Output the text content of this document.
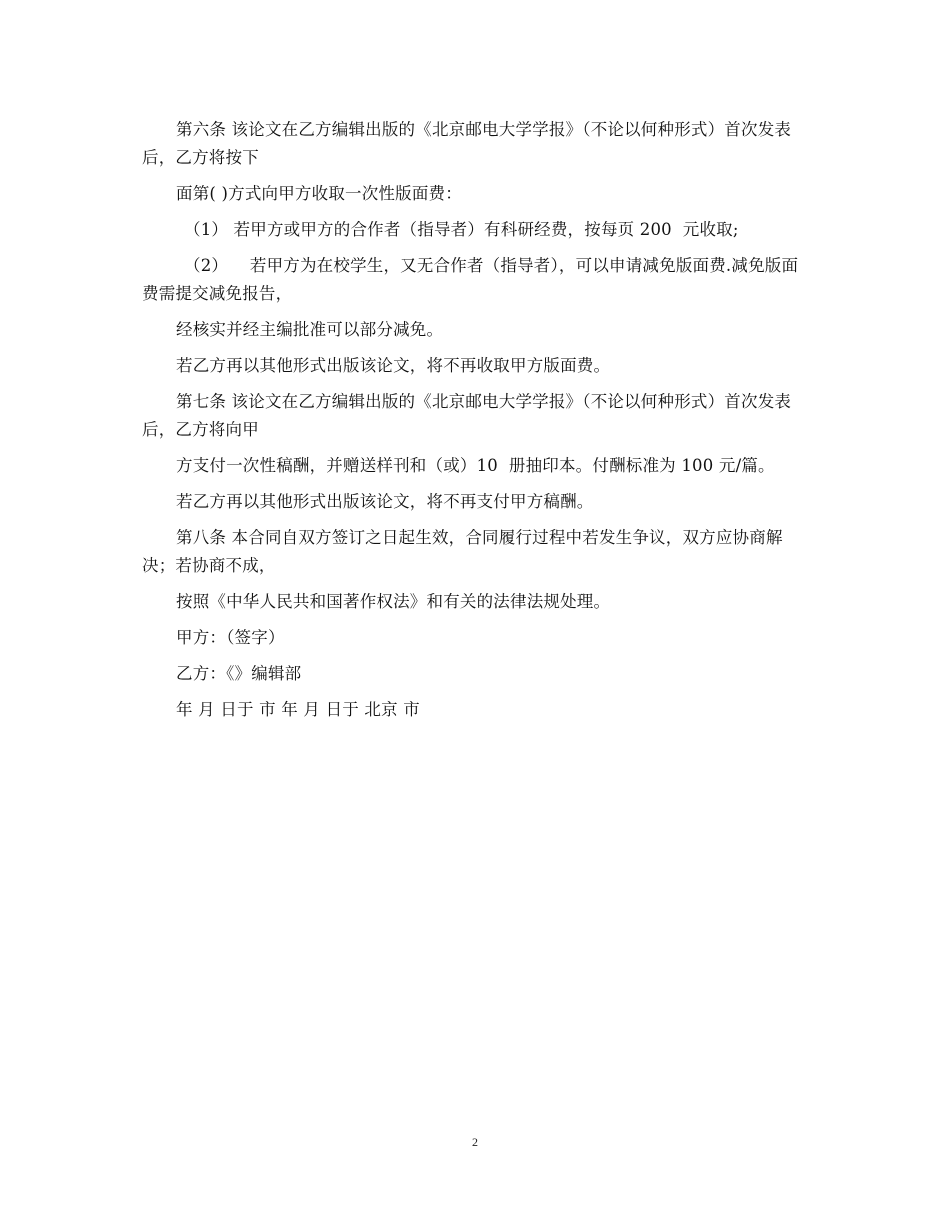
第六条 该论文在乙方编辑出版的《北京邮电大学学报》（不论以何种形式）首次发表后，乙方将按下

面第( )方式向甲方收取一次性版面费：

（1） 若甲方或甲方的合作者（指导者）有科研经费，按每页 200  元收取;

（2）    若甲方为在校学生，又无合作者（指导者），可以申请减免版面费.减免版面费需提交减免报告，

经核实并经主编批准可以部分减免。

若乙方再以其他形式出版该论文，将不再收取甲方版面费。

第七条 该论文在乙方编辑出版的《北京邮电大学学报》（不论以何种形式）首次发表后，乙方将向甲

方支付一次性稿酬，并赠送样刊和（或）10  册抽印本。付酬标准为 100 元/篇。

若乙方再以其他形式出版该论文，将不再支付甲方稿酬。

第八条 本合同自双方签订之日起生效，合同履行过程中若发生争议，双方应协商解决；若协商不成，

按照《中华人民共和国著作权法》和有关的法律法规处理。

甲方：（签字）

乙方：《》编辑部

年 月 日于 市 年 月 日于 北京 市

2
